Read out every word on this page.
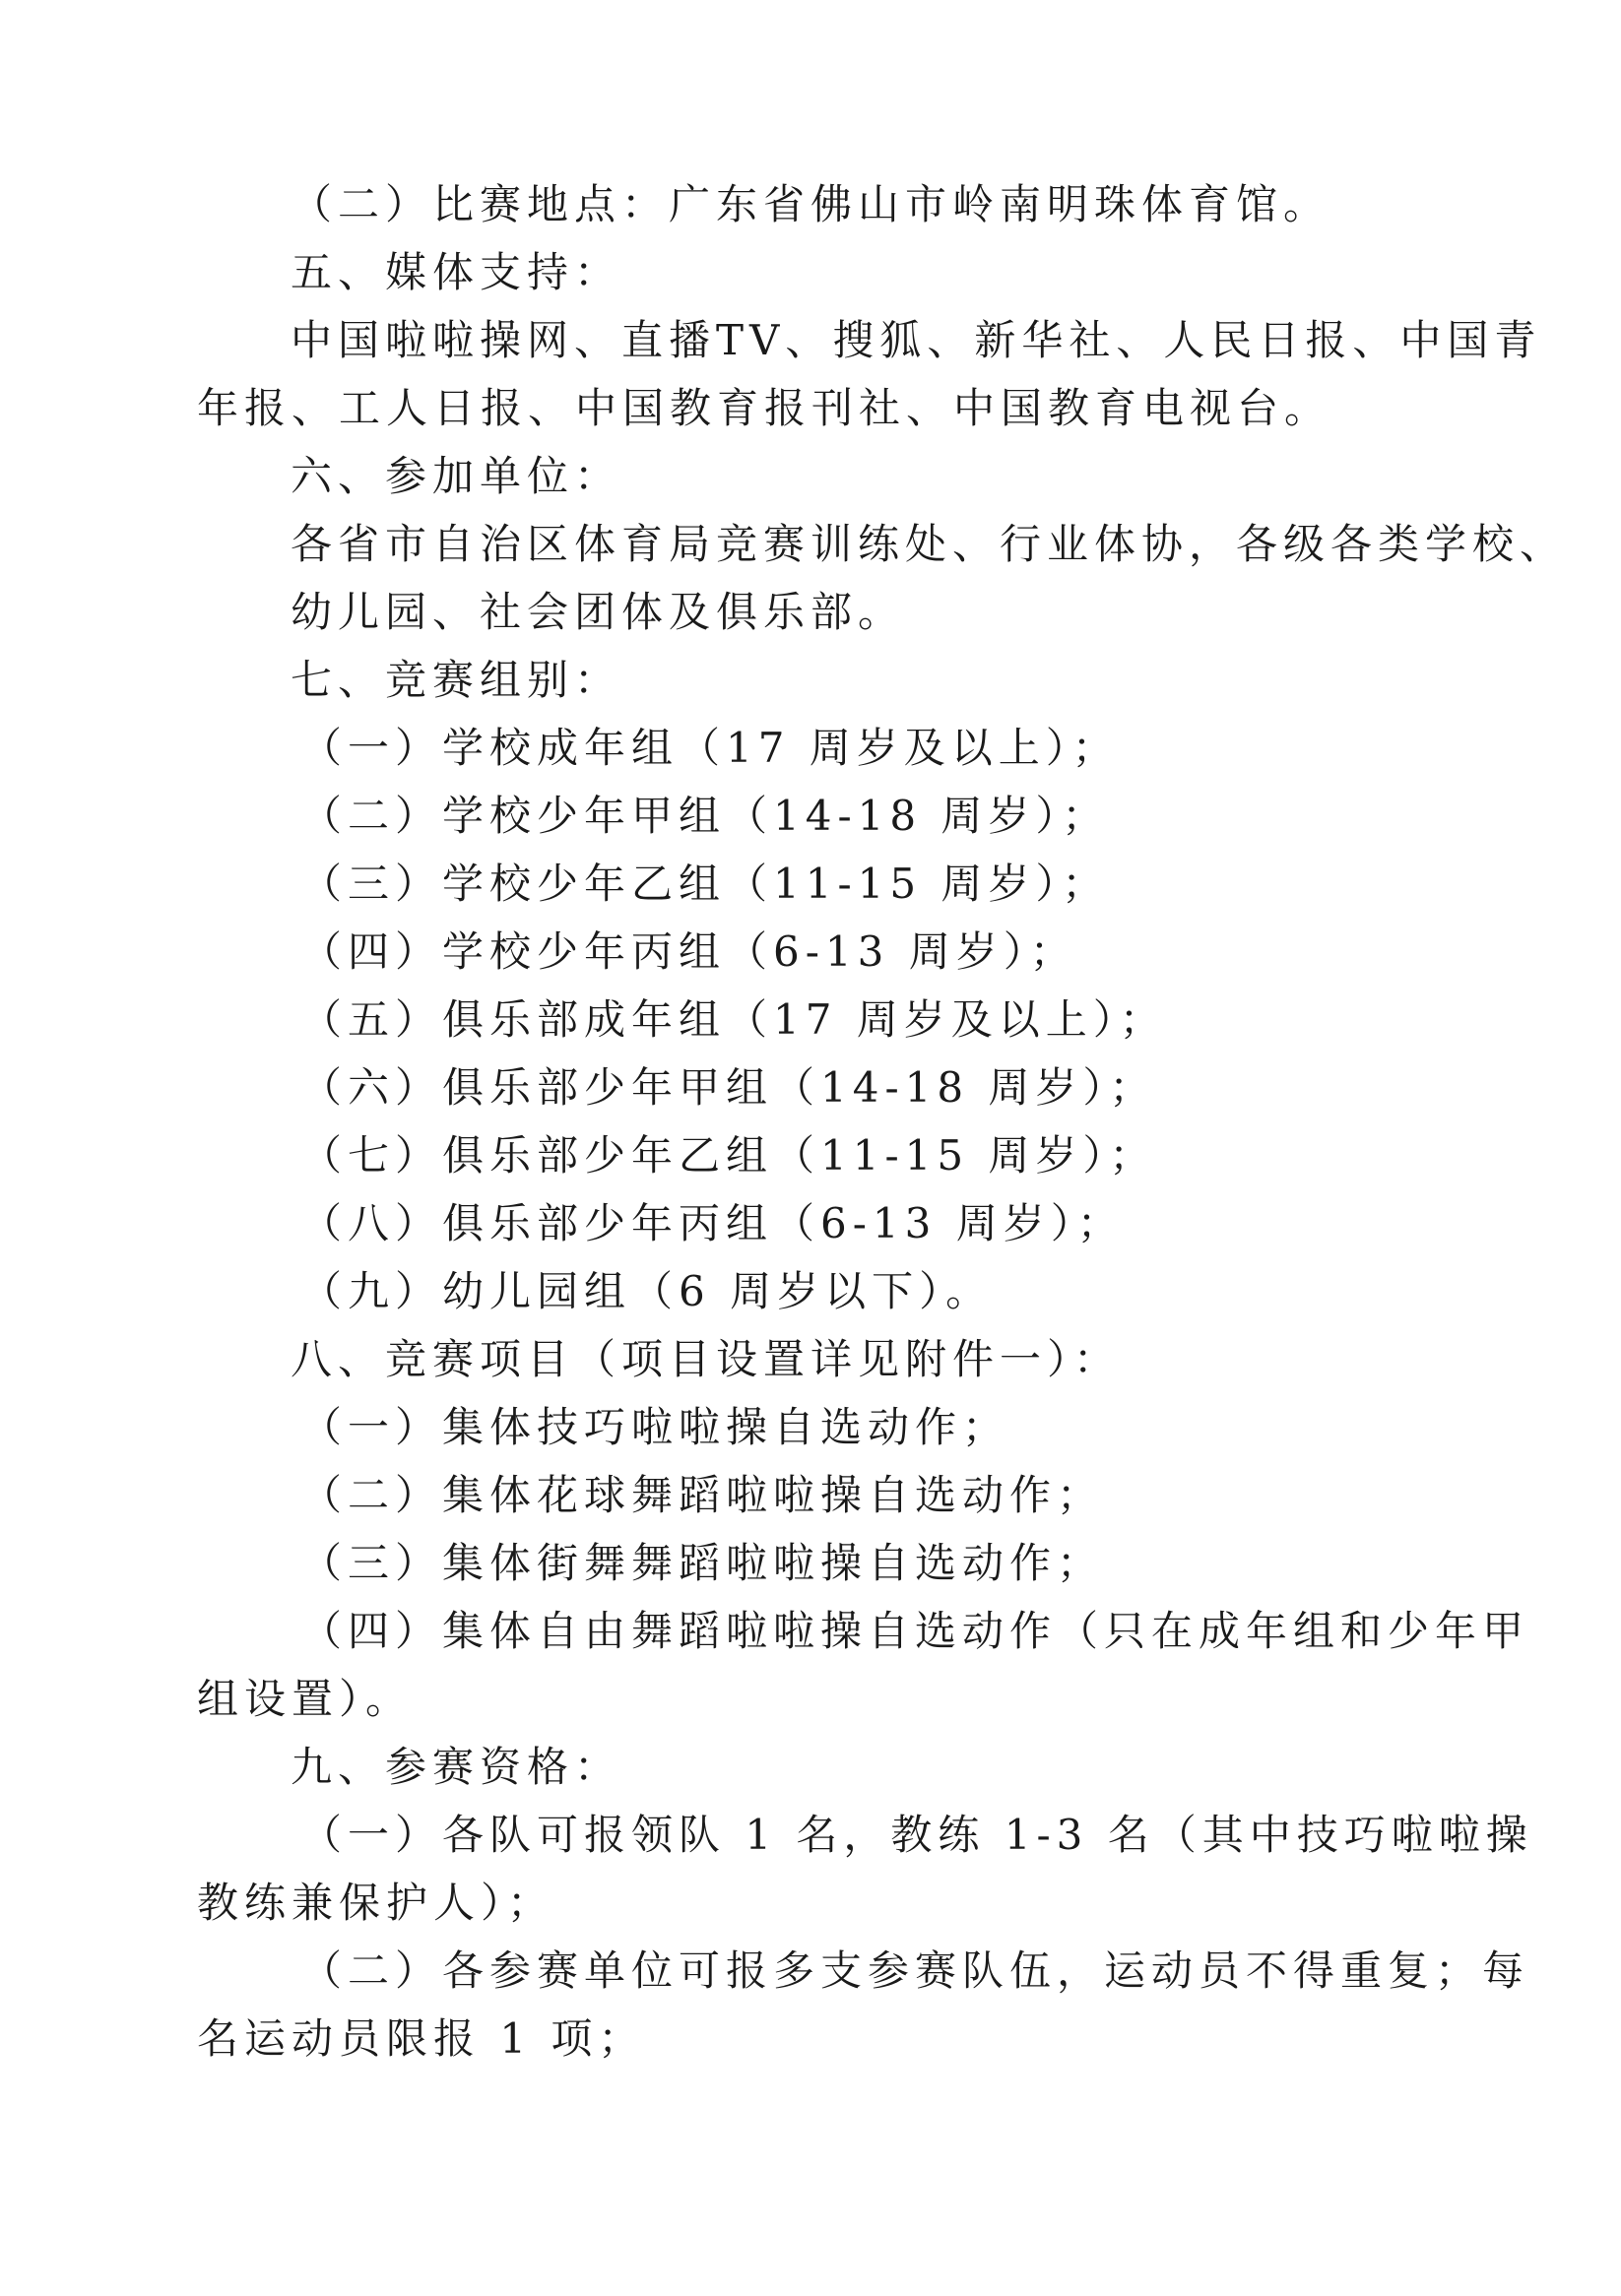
（二）比赛地点：广东省佛山市岭南明珠体育馆。
五、媒体支持：
中国啦啦操网、直播TV、搜狐、新华社、人民日报、中国青
年报、工人日报、中国教育报刊社、中国教育电视台。
六、参加单位：
各省市自治区体育局竞赛训练处、行业体协，各级各类学校、
幼儿园、社会团体及俱乐部。
七、竞赛组别：
（一）学校成年组（17 周岁及以上）；
（二）学校少年甲组（14-18 周岁）；
（三）学校少年乙组（11-15 周岁）；
（四）学校少年丙组（6-13 周岁）；
（五）俱乐部成年组（17 周岁及以上）；
（六）俱乐部少年甲组（14-18 周岁）；
（七）俱乐部少年乙组（11-15 周岁）；
（八）俱乐部少年丙组（6-13 周岁）；
（九）幼儿园组（6 周岁以下）。
八、竞赛项目（项目设置详见附件一）：
（一）集体技巧啦啦操自选动作；
（二）集体花球舞蹈啦啦操自选动作；
（三）集体街舞舞蹈啦啦操自选动作；
（四）集体自由舞蹈啦啦操自选动作（只在成年组和少年甲
组设置）。
九、参赛资格：
（一）各队可报领队 1 名，教练 1-3 名（其中技巧啦啦操
教练兼保护人）；
（二）各参赛单位可报多支参赛队伍，运动员不得重复；每
名运动员限报 1 项；
